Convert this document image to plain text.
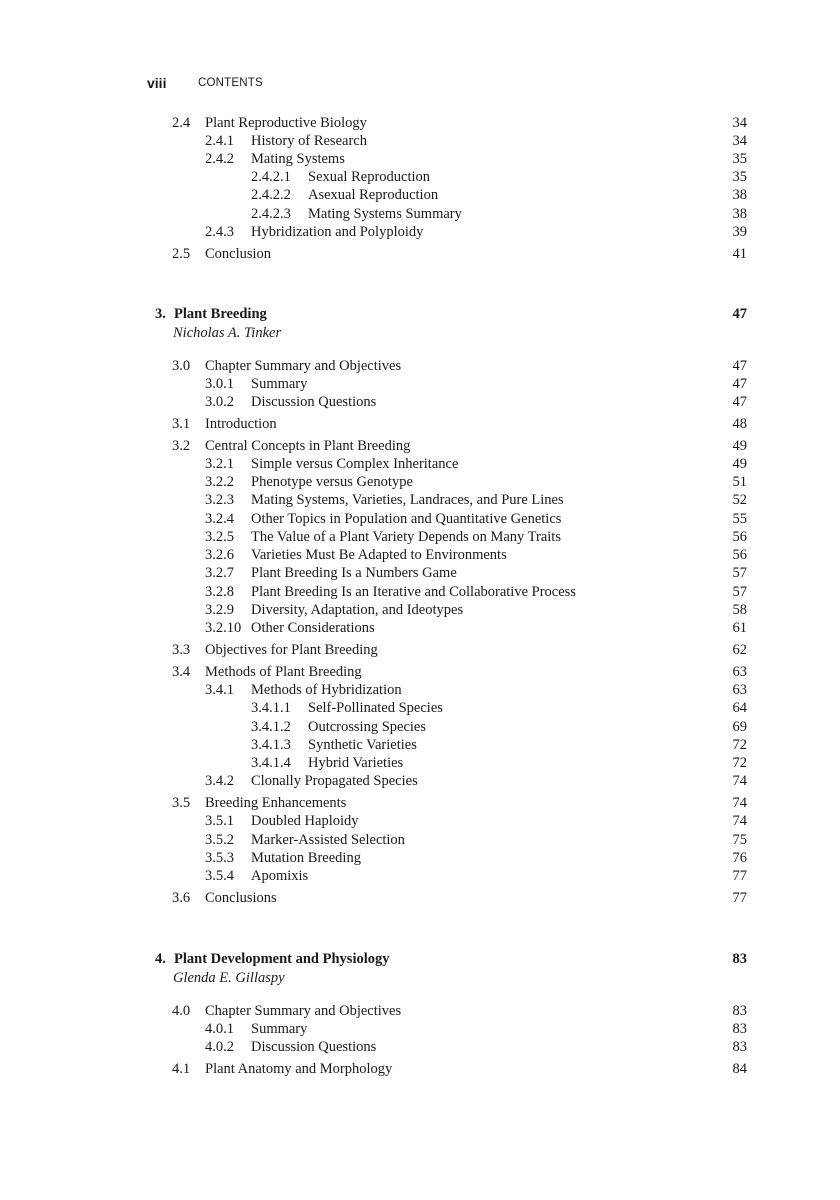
viii	CONTENTS
2.4 Plant Reproductive Biology	34
2.4.1 History of Research	34
2.4.2 Mating Systems	35
2.4.2.1 Sexual Reproduction	35
2.4.2.2 Asexual Reproduction	38
2.4.2.3 Mating Systems Summary	38
2.4.3 Hybridization and Polyploidy	39
2.5 Conclusion	41
3. Plant Breeding	47
3.0 Chapter Summary and Objectives	47
3.0.1 Summary	47
3.0.2 Discussion Questions	47
3.1 Introduction	48
3.2 Central Concepts in Plant Breeding	49
3.2.1 Simple versus Complex Inheritance	49
3.2.2 Phenotype versus Genotype	51
3.2.3 Mating Systems, Varieties, Landraces, and Pure Lines	52
3.2.4 Other Topics in Population and Quantitative Genetics	55
3.2.5 The Value of a Plant Variety Depends on Many Traits	56
3.2.6 Varieties Must Be Adapted to Environments	56
3.2.7 Plant Breeding Is a Numbers Game	57
3.2.8 Plant Breeding Is an Iterative and Collaborative Process	57
3.2.9 Diversity, Adaptation, and Ideotypes	58
3.2.10 Other Considerations	61
3.3 Objectives for Plant Breeding	62
3.4 Methods of Plant Breeding	63
3.4.1 Methods of Hybridization	63
3.4.1.1 Self-Pollinated Species	64
3.4.1.2 Outcrossing Species	69
3.4.1.3 Synthetic Varieties	72
3.4.1.4 Hybrid Varieties	72
3.4.2 Clonally Propagated Species	74
3.5 Breeding Enhancements	74
3.5.1 Doubled Haploidy	74
3.5.2 Marker-Assisted Selection	75
3.5.3 Mutation Breeding	76
3.5.4 Apomixis	77
3.6 Conclusions	77
4. Plant Development and Physiology	83
4.0 Chapter Summary and Objectives	83
4.0.1 Summary	83
4.0.2 Discussion Questions	83
4.1 Plant Anatomy and Morphology	84
Nicholas A. Tinker
Glenda E. Gillaspy
